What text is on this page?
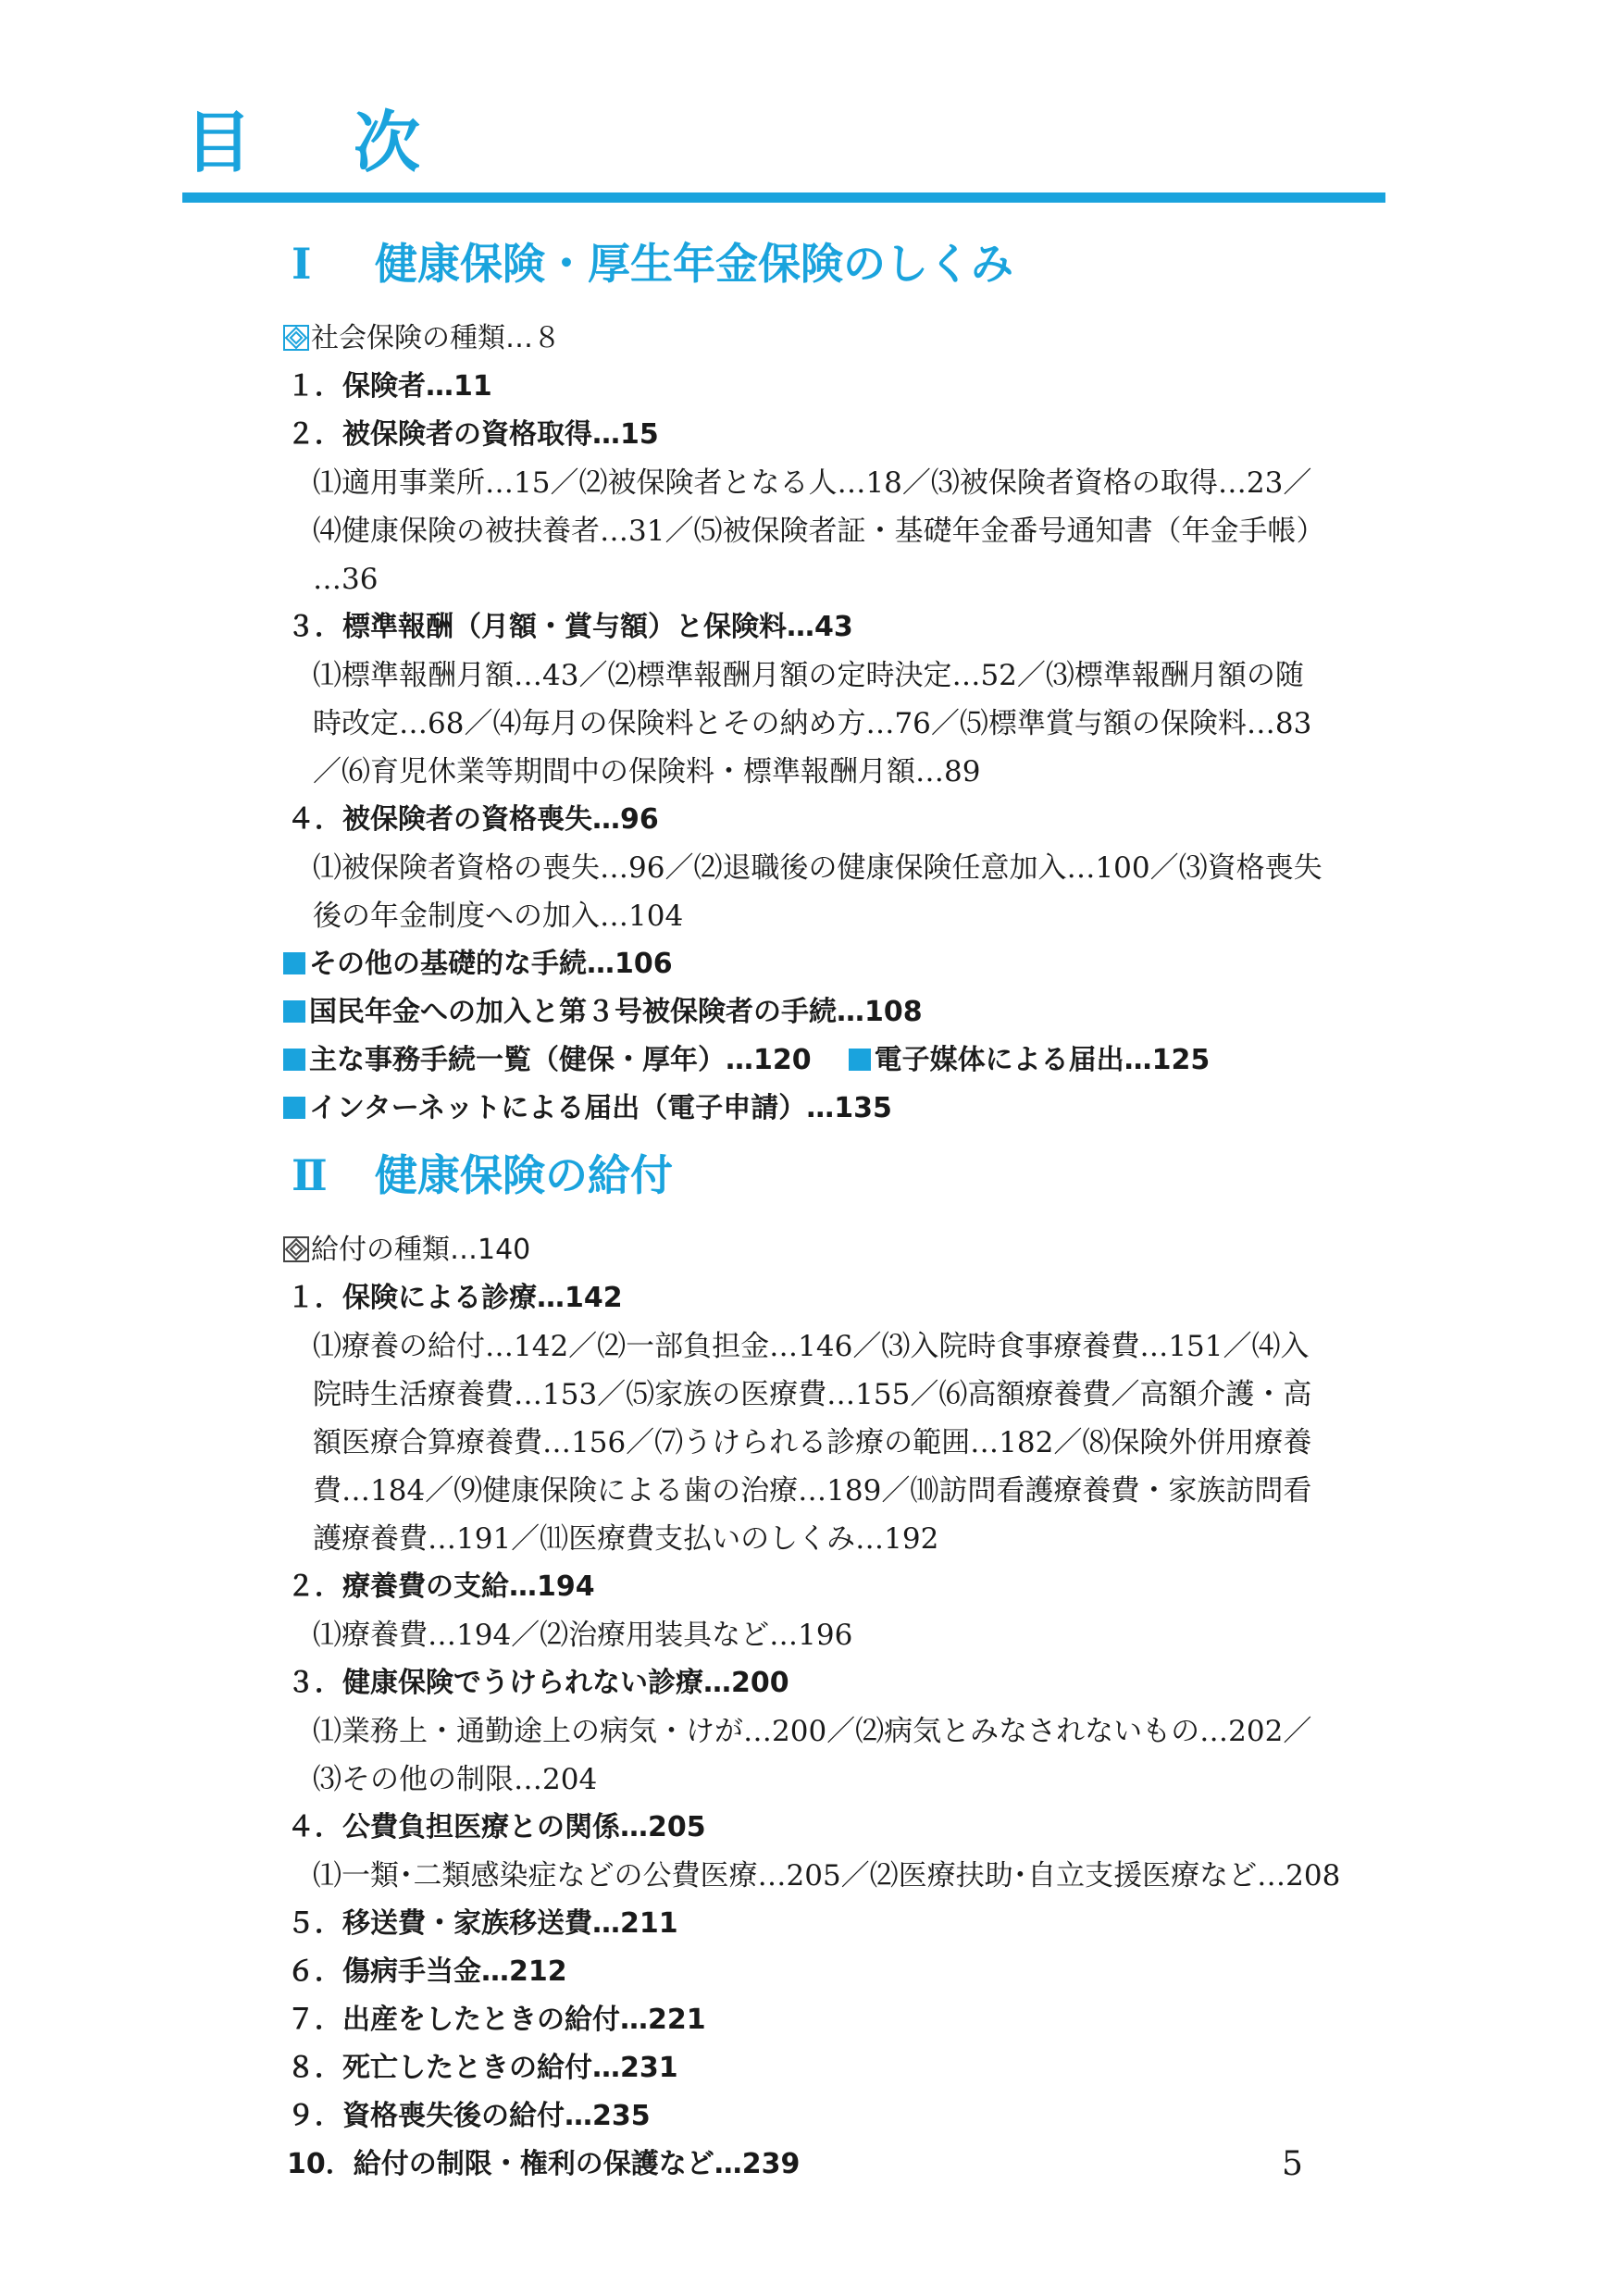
目 次
Ⅰ 健康保険・厚生年金保険のしくみ
社会保険の種類…８
１．保険者…11
２．被保険者の資格取得…15
⑴適用事業所…15／⑵被保険者となる人…18／⑶被保険者資格の取得…23／
⑷健康保険の被扶養者…31／⑸被保険者証・基礎年金番号通知書（年金手帳）
…36
３．標準報酬（月額・賞与額）と保険料…43
⑴標準報酬月額…43／⑵標準報酬月額の定時決定…52／⑶標準報酬月額の随
時改定…68／⑷毎月の保険料とその納め方…76／⑸標準賞与額の保険料…83
／⑹育児休業等期間中の保険料・標準報酬月額…89
４．被保険者の資格喪失…96
⑴被保険者資格の喪失…96／⑵退職後の健康保険任意加入…100／⑶資格喪失
後の年金制度への加入…104
その他の基礎的な手続…106
国民年金への加入と第３号被保険者の手続…108
主な事務手続一覧（健保・厚年）…120 電子媒体による届出…125
インターネットによる届出（電子申請）…135
Ⅱ 健康保険の給付
給付の種類…140
１．保険による診療…142
⑴療養の給付…142／⑵一部負担金…146／⑶入院時食事療養費…151／⑷入
院時生活療養費…153／⑸家族の医療費…155／⑹高額療養費／高額介護・高
額医療合算療養費…156／⑺うけられる診療の範囲…182／⑻保険外併用療養
費…184／⑼健康保険による歯の治療…189／⑽訪問看護療養費・家族訪問看
護療養費…191／⑾医療費支払いのしくみ…192
２．療養費の支給…194
⑴療養費…194／⑵治療用装具など…196
３．健康保険でうけられない診療…200
⑴業務上・通勤途上の病気・けが…200／⑵病気とみなされないもの…202／
⑶その他の制限…204
４．公費負担医療との関係…205
⑴一類･二類感染症などの公費医療…205／⑵医療扶助･自立支援医療など…208
５．移送費・家族移送費…211
６．傷病手当金…212
７．出産をしたときの給付…221
８．死亡したときの給付…231
９．資格喪失後の給付…235
10．給付の制限・権利の保護など…239	5
